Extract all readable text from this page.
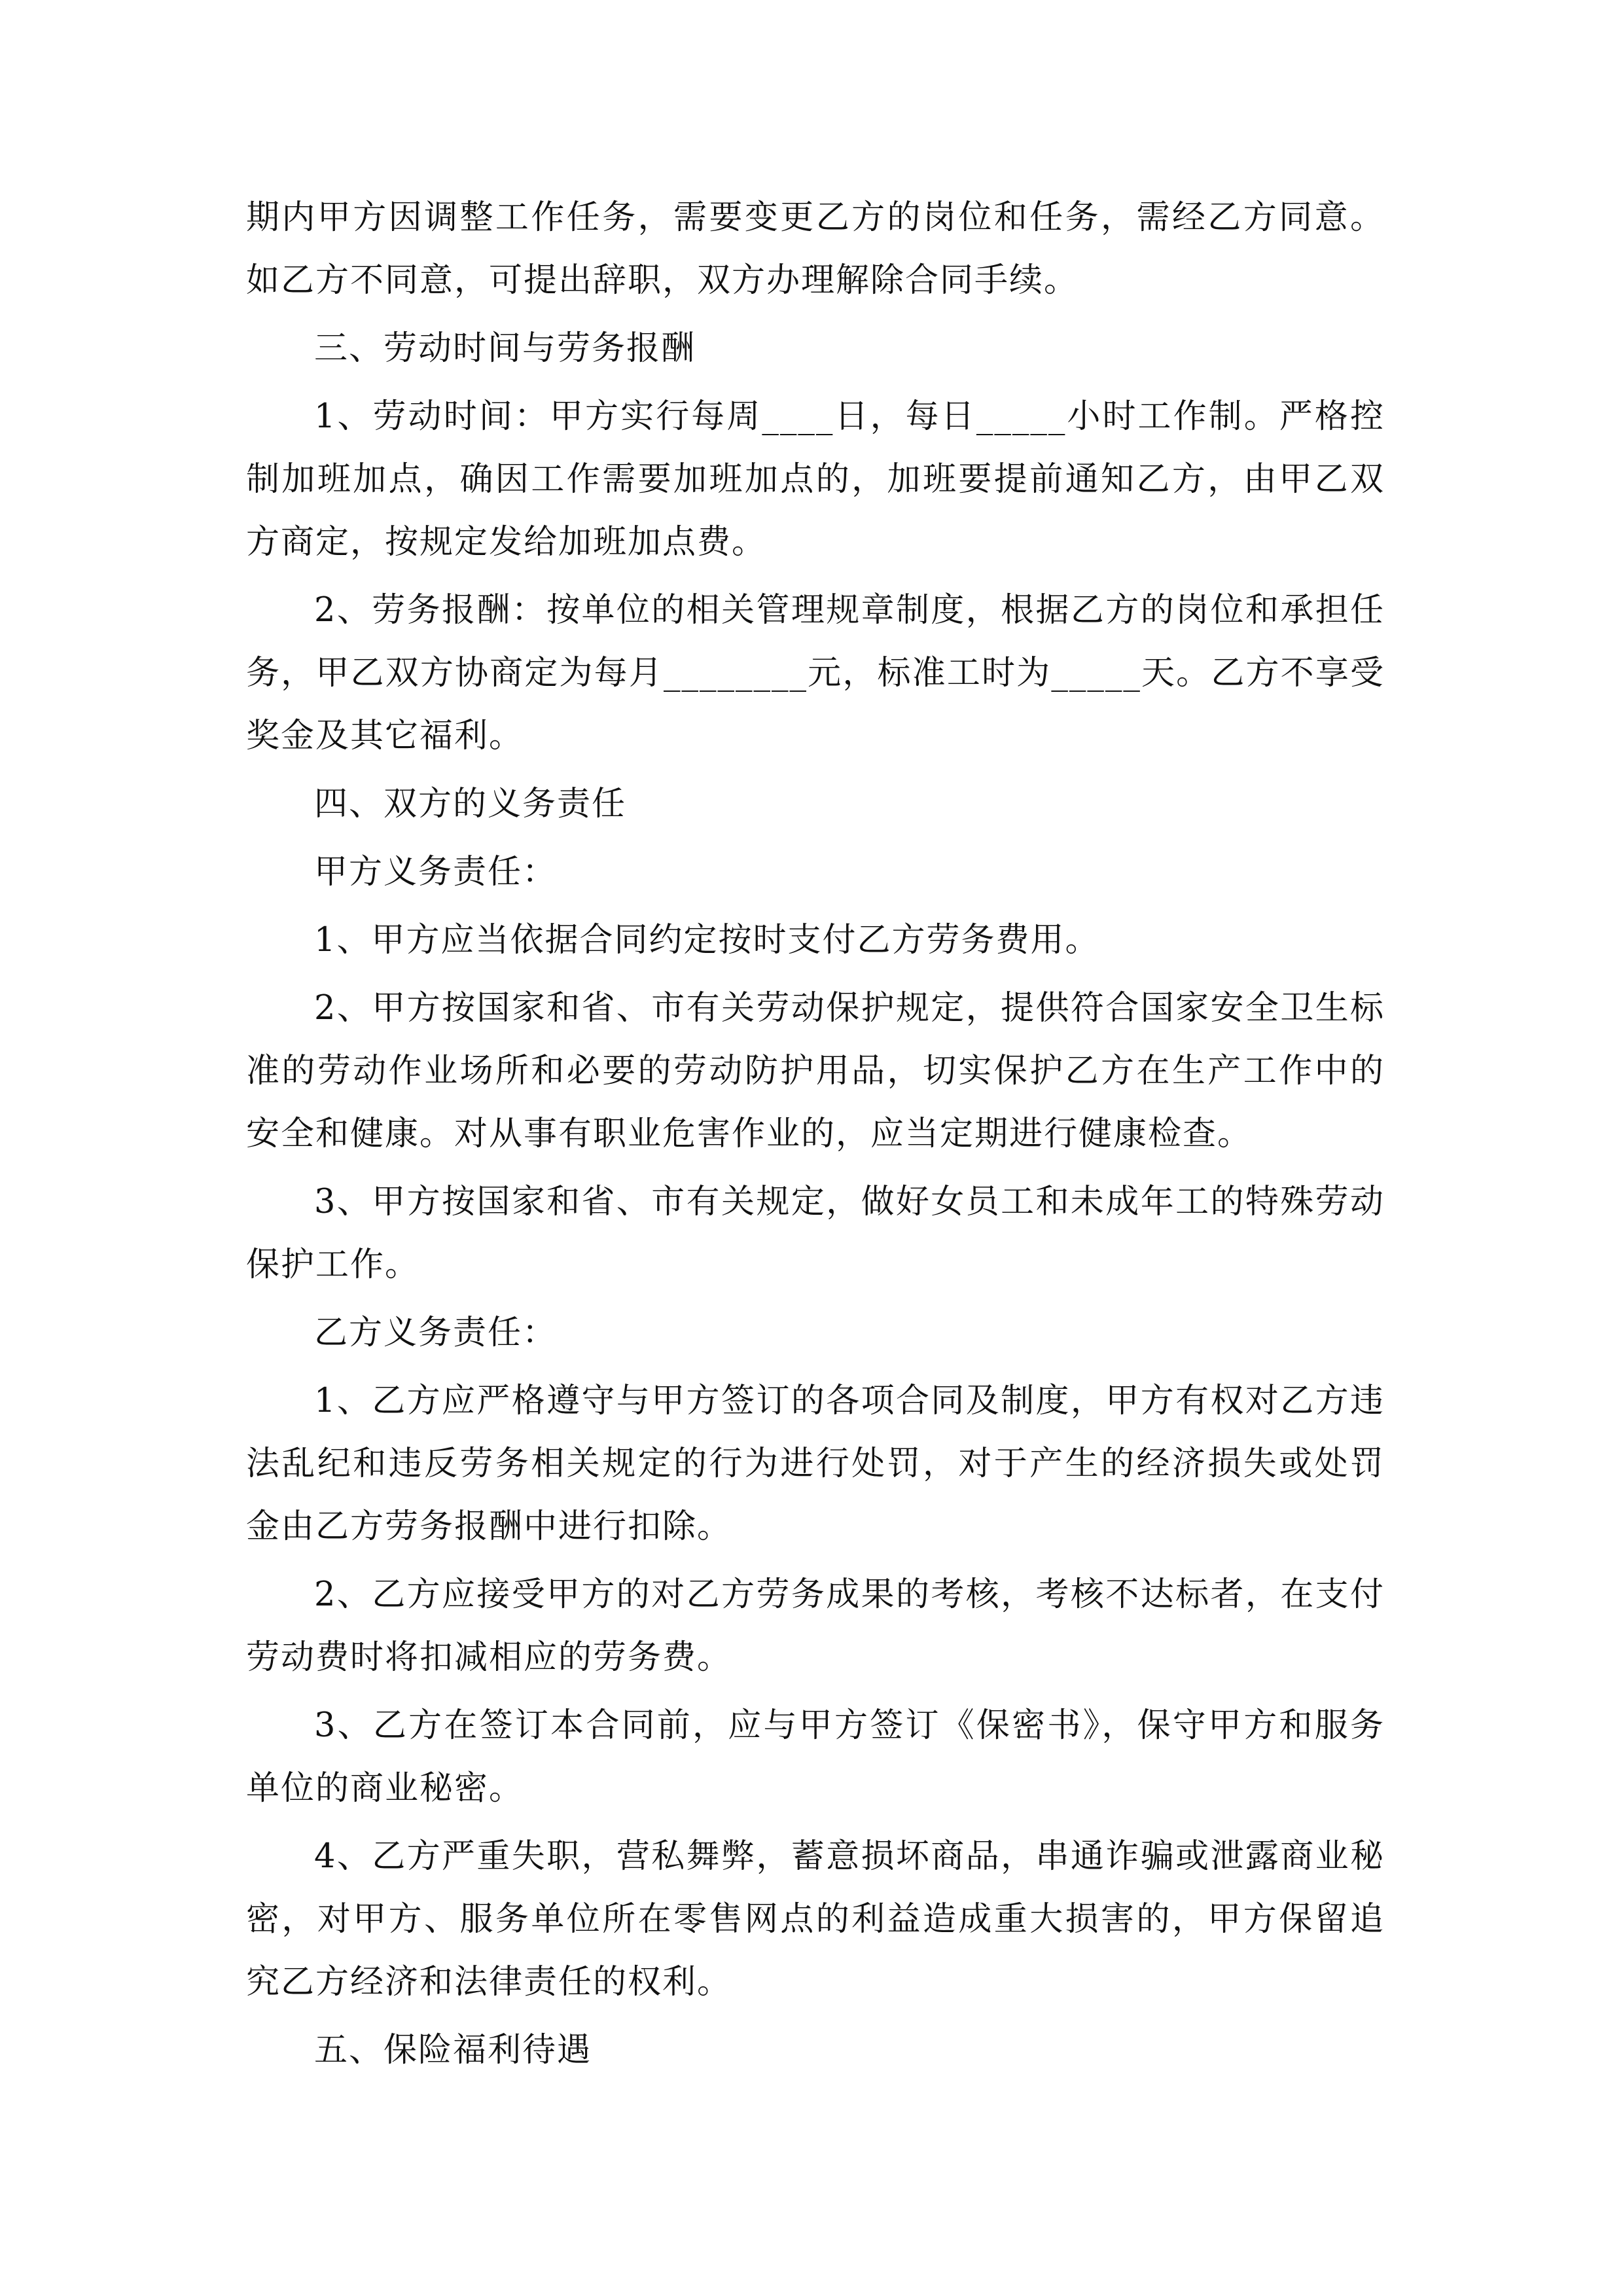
期内甲方因调整工作任务，需要变更乙方的岗位和任务，需经乙方同意。如乙方不同意，可提出辞职，双方办理解除合同手续。

三、劳动时间与劳务报酬

1、劳动时间：甲方实行每周____日，每日_____小时工作制。严格控制加班加点，确因工作需要加班加点的，加班要提前通知乙方，由甲乙双方商定，按规定发给加班加点费。

2、劳务报酬：按单位的相关管理规章制度，根据乙方的岗位和承担任务，甲乙双方协商定为每月________元，标准工时为_____天。乙方不享受奖金及其它福利。

四、双方的义务责任

甲方义务责任：

1、甲方应当依据合同约定按时支付乙方劳务费用。

2、甲方按国家和省、市有关劳动保护规定，提供符合国家安全卫生标准的劳动作业场所和必要的劳动防护用品，切实保护乙方在生产工作中的安全和健康。对从事有职业危害作业的，应当定期进行健康检查。

3、甲方按国家和省、市有关规定，做好女员工和未成年工的特殊劳动保护工作。

乙方义务责任：

1、乙方应严格遵守与甲方签订的各项合同及制度，甲方有权对乙方违法乱纪和违反劳务相关规定的行为进行处罚，对于产生的经济损失或处罚金由乙方劳务报酬中进行扣除。

2、乙方应接受甲方的对乙方劳务成果的考核，考核不达标者，在支付劳动费时将扣减相应的劳务费。

3、乙方在签订本合同前，应与甲方签订《保密书》，保守甲方和服务单位的商业秘密。

4、乙方严重失职，营私舞弊，蓄意损坏商品，串通诈骗或泄露商业秘密，对甲方、服务单位所在零售网点的利益造成重大损害的，甲方保留追究乙方经济和法律责任的权利。

五、保险福利待遇
